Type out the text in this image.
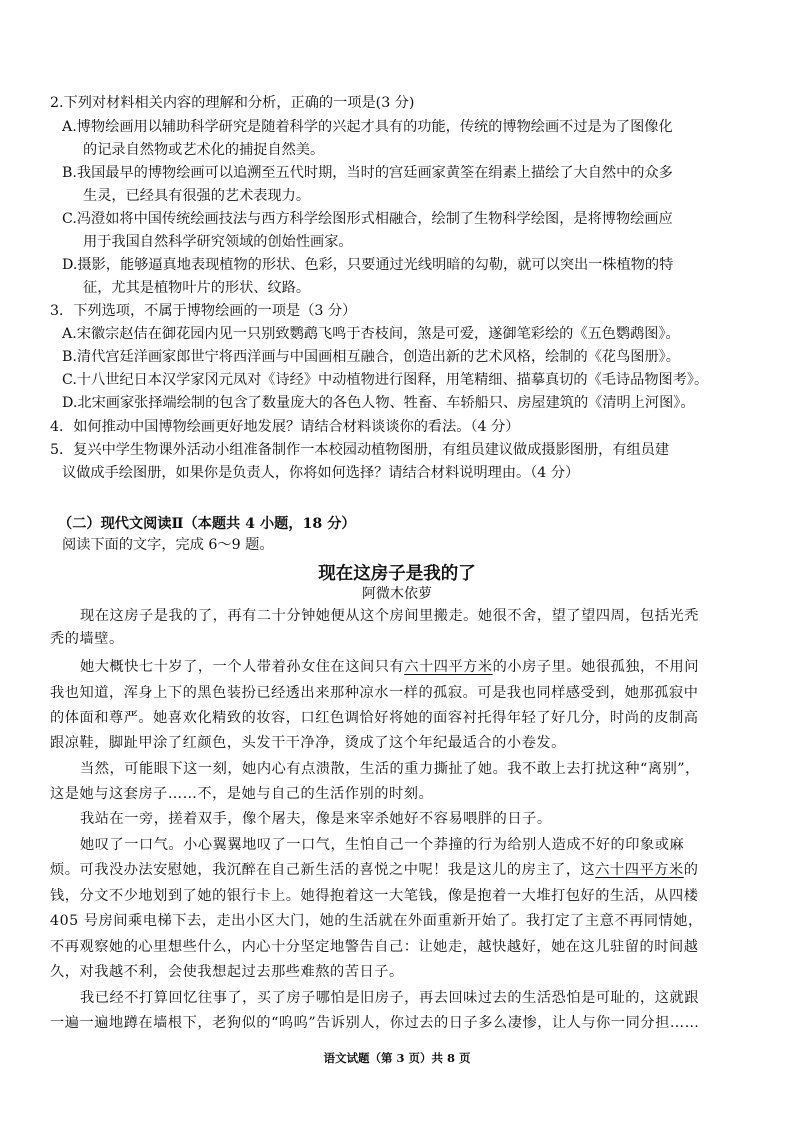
2.下列对材料相关内容的理解和分析，正确的一项是(3 分)
A.博物绘画用以辅助科学研究是随着科学的兴起才具有的功能，传统的博物绘画不过是为了图像化
的记录自然物或艺术化的捕捉自然美。
B.我国最早的博物绘画可以追溯至五代时期，当时的宫廷画家黄筌在绢素上描绘了大自然中的众多
生灵，已经具有很强的艺术表现力。
C.冯澄如将中国传统绘画技法与西方科学绘图形式相融合，绘制了生物科学绘图，是将博物绘画应
用于我国自然科学研究领域的创始性画家。
D.摄影，能够逼真地表现植物的形状、色彩，只要通过光线明暗的勾勒，就可以突出一株植物的特
征，尤其是植物叶片的形状、纹路。
3．下列选项，不属于博物绘画的一项是（3 分）
A.宋徽宗赵佶在御花园内见一只别致鹦鹉飞鸣于杏枝间，煞是可爱，遂御笔彩绘的《五色鹦鹉图》。
B.清代宫廷洋画家郎世宁将西洋画与中国画相互融合，创造出新的艺术风格，绘制的《花鸟图册》。
C.十八世纪日本汉学家冈元凤对《诗经》中动植物进行图释，用笔精细、描摹真切的《毛诗品物图考》。
D.北宋画家张择端绘制的包含了数量庞大的各色人物、牲畜、车轿船只、房屋建筑的《清明上河图》。
4．如何推动中国博物绘画更好地发展？请结合材料谈谈你的看法。（4 分）
5．复兴中学生物课外活动小组准备制作一本校园动植物图册，有组员建议做成摄影图册，有组员建
议做成手绘图册，如果你是负责人，你将如何选择？请结合材料说明理由。（4 分）
（二）现代文阅读Ⅱ（本题共 4 小题，18 分）
阅读下面的文字，完成 6～9 题。
现在这房子是我的了
阿微木依萝
现在这房子是我的了，再有二十分钟她便从这个房间里搬走。她很不舍，望了望四周，包括光秃
秃的墙壁。
她大概快七十岁了，一个人带着孙女住在这间只有六十四平方米的小房子里。她很孤独，不用问
我也知道，浑身上下的黑色装扮已经透出来那种凉水一样的孤寂。可是我也同样感受到，她那孤寂中
的体面和尊严。她喜欢化精致的妆容，口红色调恰好将她的面容衬托得年轻了好几分，时尚的皮制高
跟凉鞋，脚趾甲涂了红颜色，头发干干净净，烫成了这个年纪最适合的小卷发。
当然，可能眼下这一刻，她内心有点溃散，生活的重力撕扯了她。我不敢上去打扰这种“离别”，
这是她与这套房子……不，是她与自己的生活作别的时刻。
我站在一旁，搓着双手，像个屠夫，像是来宰杀她好不容易喂胖的日子。
她叹了一口气。小心翼翼地叹了一口气，生怕自己一个莽撞的行为给别人造成不好的印象或麻
烦。可我没办法安慰她，我沉醉在自己新生活的喜悦之中呢！我是这儿的房主了，这六十四平方米的
钱，分文不少地划到了她的银行卡上。她得抱着这一大笔钱，像是抱着一大堆打包好的生活，从四楼
405 号房间乘电梯下去，走出小区大门，她的生活就在外面重新开始了。我打定了主意不再同情她，
不再观察她的心里想些什么，内心十分坚定地警告自己：让她走，越快越好，她在这儿驻留的时间越
久，对我越不利，会使我想起过去那些难熬的苦日子。
我已经不打算回忆往事了，买了房子哪怕是旧房子，再去回味过去的生活恐怕是可耻的，这就跟
一遍一遍地蹲在墙根下，老狗似的“呜呜”告诉别人，你过去的日子多么凄惨，让人与你一同分担……
语文试题（第 3 页）共 8 页
